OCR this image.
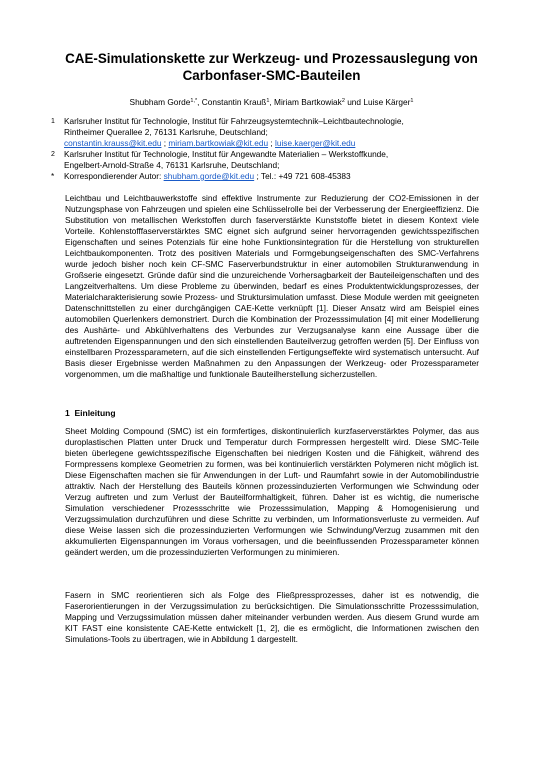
CAE-Simulationskette zur Werkzeug- und Prozessauslegung von
Carbonfaser-SMC-Bauteilen
Shubham Gorde$^{1,*}$, Constantin Krauß$^1$, Miriam Bartkowiak$^2$ und Luise Kärger$^1$
1 Karlsruher Institut für Technologie, Institut für Fahrzeugsystemtechnik–Leichtbautechnologie,
Rintheimer Querallee 2, 76131 Karlsruhe, Deutschland;
constantin.krauss@kit.edu ; miriam.bartkowiak@kit.edu ; luise.kaerger@kit.edu
2 Karlsruher Institut für Technologie, Institut für Angewandte Materialien – Werkstoffkunde,
Engelbert-Arnold-Straße 4, 76131 Karlsruhe, Deutschland;
* Korrespondierender Autor: shubham.gorde@kit.edu ; Tel.: +49 721 608-45383

Leichtbau und Leichtbauwerkstoffe sind effektive Instrumente zur Reduzierung der CO2-Emissionen in der Nutzungsphase von Fahrzeugen und spielen eine Schlüsselrolle bei der Verbesserung der Energieeffizienz. Die Substitution von metallischen Werkstoffen durch faserverstärkte Kunststoffe bietet in diesem Kontext viele Vorteile. Kohlenstofffaserverstärktes SMC eignet sich aufgrund seiner hervorragenden gewichtsspezifischen Eigenschaften und seines Potenzials für eine hohe Funktionsintegration für die Herstellung von strukturellen Leichtbaukomponenten. Trotz des positiven Materials und Formgebungseigenschaften des SMC-Verfahrens wurde jedoch bisher noch kein CF-SMC Faserverbundstruktur in einer automobilen Strukturanwendung in Großserie eingesetzt. Gründe dafür sind die unzureichende Vorhersagbarkeit der Bauteileigenschaften und des Langzeitverhaltens. Um diese Probleme zu überwinden, bedarf es eines Produktentwicklungsprozesses, der Materialcharakterisierung sowie Prozess- und Struktursimulation umfasst. Diese Module werden mit geeigneten Datenschnittstellen zu einer durchgängigen CAE-Kette verknüpft [1]. Dieser Ansatz wird am Beispiel eines automobilen Querlenkers demonstriert. Durch die Kombination der Prozesssimulation [4] mit einer Modellierung des Aushärte- und Abkühlverhaltens des Verbundes zur Verzugsanalyse kann eine Aussage über die auftretenden Eigenspannungen und den sich einstellenden Bauteilverzug getroffen werden [5]. Der Einfluss von einstellbaren Prozessparametern, auf die sich einstellenden Fertigungseffekte wird systematisch untersucht. Auf Basis dieser Ergebnisse werden Maßnahmen zu den Anpassungen der Werkzeug- oder Prozessparameter vorgenommen, um die maßhaltige und funktionale Bauteilherstellung sicherzustellen.

1 Einleitung

Sheet Molding Compound (SMC) ist ein formfertiges, diskontinuierlich kurzfaserverstärktes Polymer, das aus duroplastischen Platten unter Druck und Temperatur durch Formpressen hergestellt wird. Diese SMC-Teile bieten überlegene gewichtsspezifische Eigenschaften bei niedrigen Kosten und die Fähigkeit, während des Formpressens komplexe Geometrien zu formen, was bei kontinuierlich verstärkten Polymeren nicht möglich ist. Diese Eigenschaften machen sie für Anwendungen in der Luft- und Raumfahrt sowie in der Automobilindustrie attraktiv. Nach der Herstellung des Bauteils können prozessinduzierten Verformungen wie Schwindung oder Verzug auftreten und zum Verlust der Bauteilformhaltigkeit, führen. Daher ist es wichtig, die numerische Simulation verschiedener Prozessschritte wie Prozesssimulation, Mapping & Homogenisierung und Verzugssimulation durchzuführen und diese Schritte zu verbinden, um Informationsverluste zu vermeiden. Auf diese Weise lassen sich die prozessinduzierten Verformungen wie Schwindung/Verzug zusammen mit den akkumulierten Eigenspannungen im Voraus vorhersagen, und die beeinflussenden Prozessparameter können geändert werden, um die prozessinduzierten Verformungen zu minimieren.

Fasern in SMC reorientieren sich als Folge des Fließpressprozesses, daher ist es notwendig, die Faserorientierungen in der Verzugssimulation zu berücksichtigen. Die Simulationsschritte Prozesssimulation, Mapping und Verzugssimulation müssen daher miteinander verbunden werden. Aus diesem Grund wurde am KIT FAST eine konsistente CAE-Kette entwickelt [1, 2], die es ermöglicht, die Informationen zwischen den Simulations-Tools zu übertragen, wie in Abbildung 1 dargestellt.
